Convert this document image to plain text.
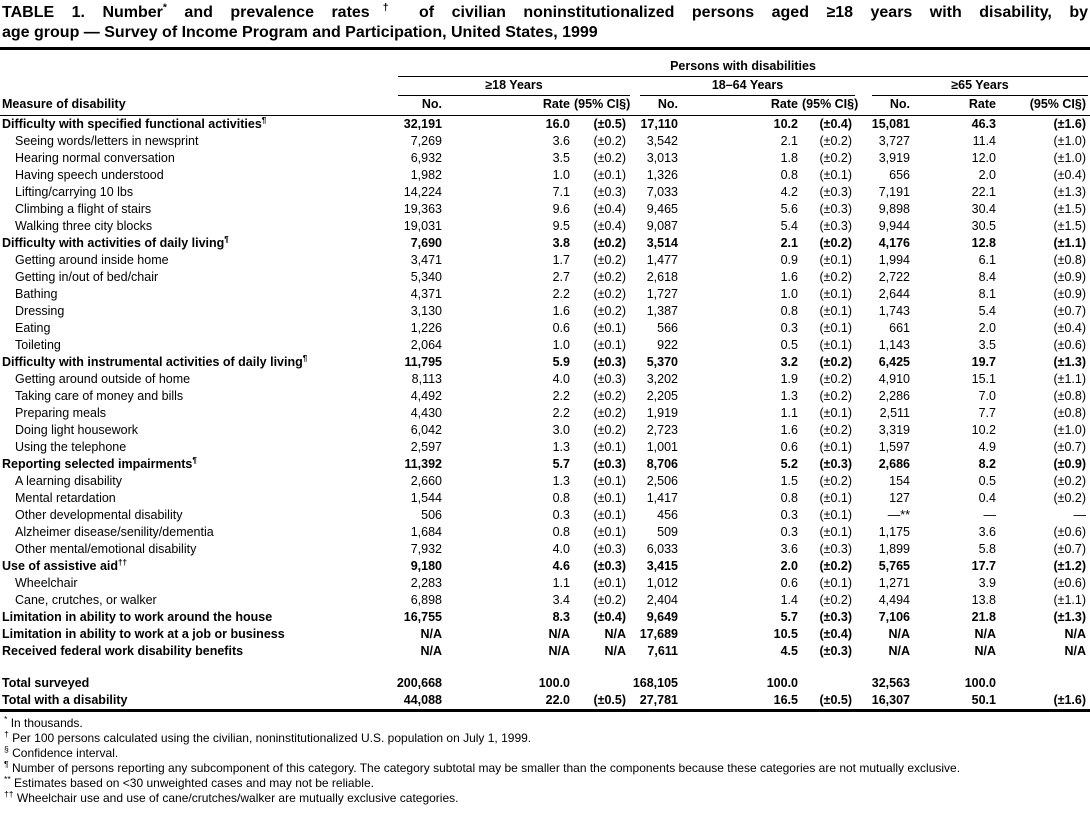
TABLE 1. Number* and prevalence rates† of civilian noninstitutionalized persons aged ≥18 years with disability, by
age group — Survey of Income Program and Participation, United States, 1999

	Persons with disabilities								

	≥18 Years			18–64 Years			≥65 Years		

Measure of disability	No.	Rate	(95% CI§)	No.	Rate	(95% CI§)	No.	Rate	(95% CI§)
Difficulty with specified functional activities¶	32,191	16.0	(±0.5)	17,110	10.2	(±0.4)	15,081	46.3	(±1.6)
Seeing words/letters in newsprint	7,269	3.6	(±0.2)	3,542	2.1	(±0.2)	3,727	11.4	(±1.0)
Hearing normal conversation	6,932	3.5	(±0.2)	3,013	1.8	(±0.2)	3,919	12.0	(±1.0)
Having speech understood	1,982	1.0	(±0.1)	1,326	0.8	(±0.1)	656	2.0	(±0.4)
Lifting/carrying 10 lbs	14,224	7.1	(±0.3)	7,033	4.2	(±0.3)	7,191	22.1	(±1.3)
Climbing a flight of stairs	19,363	9.6	(±0.4)	9,465	5.6	(±0.3)	9,898	30.4	(±1.5)
Walking three city blocks	19,031	9.5	(±0.4)	9,087	5.4	(±0.3)	9,944	30.5	(±1.5)
Difficulty with activities of daily living¶	7,690	3.8	(±0.2)	3,514	2.1	(±0.2)	4,176	12.8	(±1.1)
Getting around inside home	3,471	1.7	(±0.2)	1,477	0.9	(±0.1)	1,994	6.1	(±0.8)
Getting in/out of bed/chair	5,340	2.7	(±0.2)	2,618	1.6	(±0.2)	2,722	8.4	(±0.9)
Bathing	4,371	2.2	(±0.2)	1,727	1.0	(±0.1)	2,644	8.1	(±0.9)
Dressing	3,130	1.6	(±0.2)	1,387	0.8	(±0.1)	1,743	5.4	(±0.7)
Eating	1,226	0.6	(±0.1)	566	0.3	(±0.1)	661	2.0	(±0.4)
Toileting	2,064	1.0	(±0.1)	922	0.5	(±0.1)	1,143	3.5	(±0.6)
Difficulty with instrumental activities of daily living¶	11,795	5.9	(±0.3)	5,370	3.2	(±0.2)	6,425	19.7	(±1.3)
Getting around outside of home	8,113	4.0	(±0.3)	3,202	1.9	(±0.2)	4,910	15.1	(±1.1)
Taking care of money and bills	4,492	2.2	(±0.2)	2,205	1.3	(±0.2)	2,286	7.0	(±0.8)
Preparing meals	4,430	2.2	(±0.2)	1,919	1.1	(±0.1)	2,511	7.7	(±0.8)
Doing light housework	6,042	3.0	(±0.2)	2,723	1.6	(±0.2)	3,319	10.2	(±1.0)
Using the telephone	2,597	1.3	(±0.1)	1,001	0.6	(±0.1)	1,597	4.9	(±0.7)
Reporting selected impairments¶	11,392	5.7	(±0.3)	8,706	5.2	(±0.3)	2,686	8.2	(±0.9)
A learning disability	2,660	1.3	(±0.1)	2,506	1.5	(±0.2)	154	0.5	(±0.2)
Mental retardation	1,544	0.8	(±0.1)	1,417	0.8	(±0.1)	127	0.4	(±0.2)
Other developmental disability	506	0.3	(±0.1)	456	0.3	(±0.1)	—**	—	—
Alzheimer disease/senility/dementia	1,684	0.8	(±0.1)	509	0.3	(±0.1)	1,175	3.6	(±0.6)
Other mental/emotional disability	7,932	4.0	(±0.3)	6,033	3.6	(±0.3)	1,899	5.8	(±0.7)
Use of assistive aid††	9,180	4.6	(±0.3)	3,415	2.0	(±0.2)	5,765	17.7	(±1.2)
Wheelchair	2,283	1.1	(±0.1)	1,012	0.6	(±0.1)	1,271	3.9	(±0.6)
Cane, crutches, or walker	6,898	3.4	(±0.2)	2,404	1.4	(±0.2)	4,494	13.8	(±1.1)
Limitation in ability to work around the house	16,755	8.3	(±0.4)	9,649	5.7	(±0.3)	7,106	21.8	(±1.3)
Limitation in ability to work at a job or business	N/A	N/A	N/A	17,689	10.5	(±0.4)	N/A	N/A	N/A
Received federal work disability benefits	N/A	N/A	N/A	7,611	4.5	(±0.3)	N/A	N/A	N/A

Total surveyed	200,668	100.0		168,105	100.0		32,563	100.0	
Total with a disability	44,088	22.0	(±0.5)	27,781	16.5	(±0.5)	16,307	50.1	(±1.6)
* In thousands.
† Per 100 persons calculated using the civilian, noninstitutionalized U.S. population on July 1, 1999.
§ Confidence interval.
¶ Number of persons reporting any subcomponent of this category. The category subtotal may be smaller than the components because these categories are not mutually exclusive.
** Estimates based on <30 unweighted cases and may not be reliable.
†† Wheelchair use and use of cane/crutches/walker are mutually exclusive categories.
